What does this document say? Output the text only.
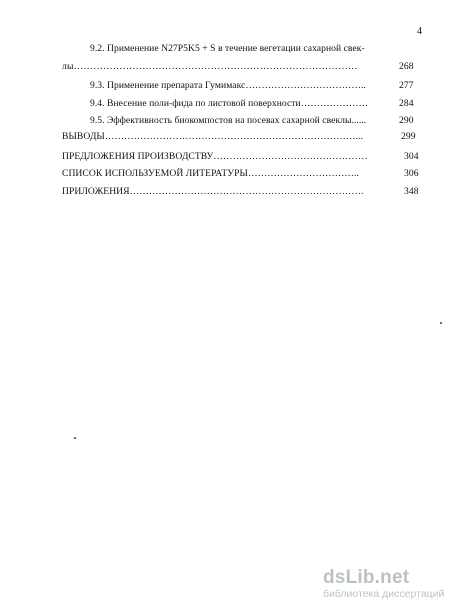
4
9.2. Применение N27P5K5 + S в течение вегетации сахарной свек-
лы……………………………………………………………………………	268
9.3. Применение препарата Гумимакс………………………………..	277
9.4. Внесение поли-фида по листовой поверхности…………………	284
9.5. Эффективность биокомпостов на посевах сахарной свеклы......	290
ВЫВОДЫ……………………………………………………………………...	299
ПРЕДЛОЖЕНИЯ ПРОИЗВОДСТВУ…………………………………………	304
СПИСОК ИСПОЛЬЗУЕМОЙ ЛИТЕРАТУРЫ……………………………..	306
ПРИЛОЖЕНИЯ……………………………………………………………….	348
dsLib.net
библиотека диссертаций
